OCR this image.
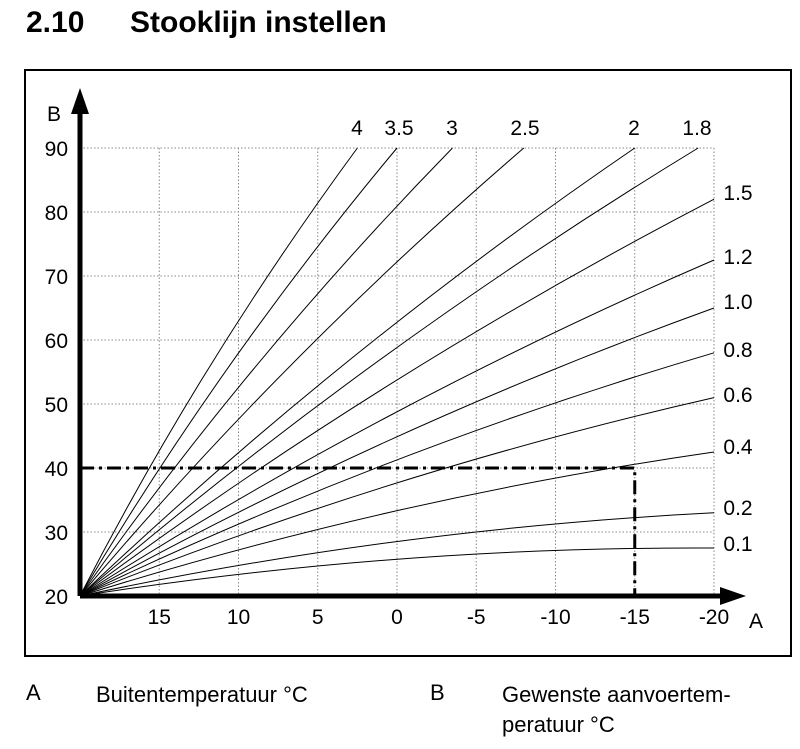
2.10 Stooklijn instellen
4 3.5 3	2.5	2 1.8
1.5
1.2
1.0
0.8
0.6
0.4
0.2
0.1
20
30
40
50
60
70
80
90
15	10	5	0	-5	-10 -15 -20
B
A
A	Buitentemperatuur °C	B	Gewenste aanvoertem-
peratuur °C
